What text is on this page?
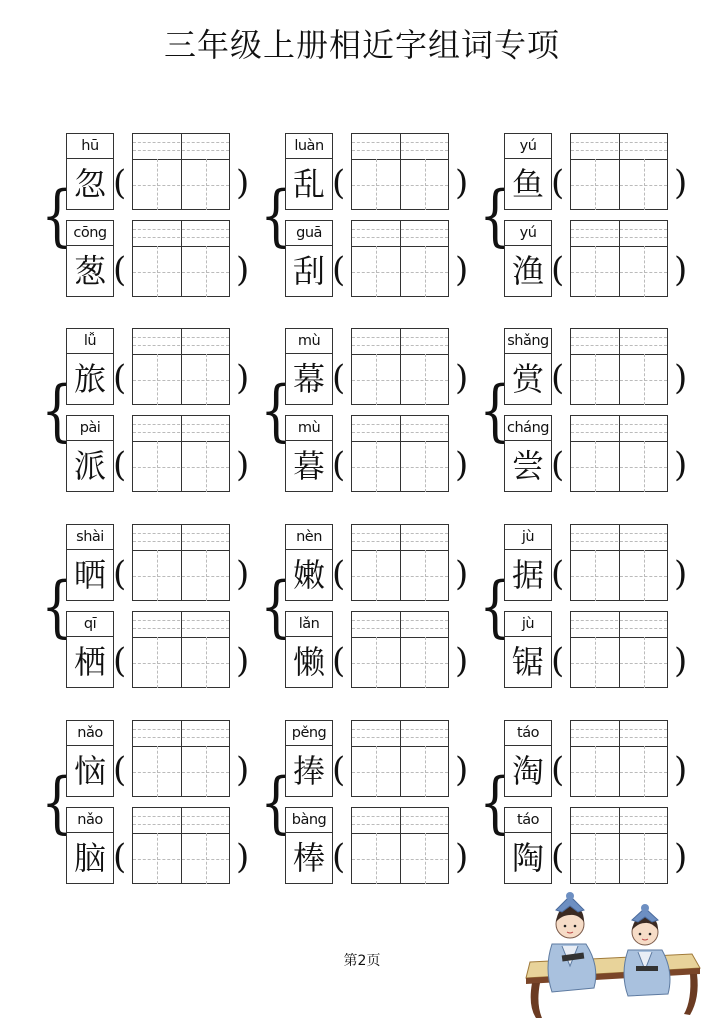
三年级上册相近字组词专项
{
hū
忽 (	)
cōng
葱 (	)
{
luàn
乱 (	)
guā
刮 (	)
{
yú
鱼 (	)
yú
渔 (	)
{
lǚ
旅 (	)
pài
派 (	)
{
mù
幕 (	)
mù
暮 (	)
{
shǎng
赏 (	)
cháng
尝 (	)
{
shài
晒 (	)
qī
栖 (	)
{
nèn
嫩 (	)
lǎn
懒 (	)
{
jù
据 (	)
jù
锯 (	)
{
nǎo
恼 (	)
nǎo
脑 (	)
{
pěng
捧 (	)
bàng
棒 (	)
{
táo
淘 (	)
táo
陶 (	)
第2页
